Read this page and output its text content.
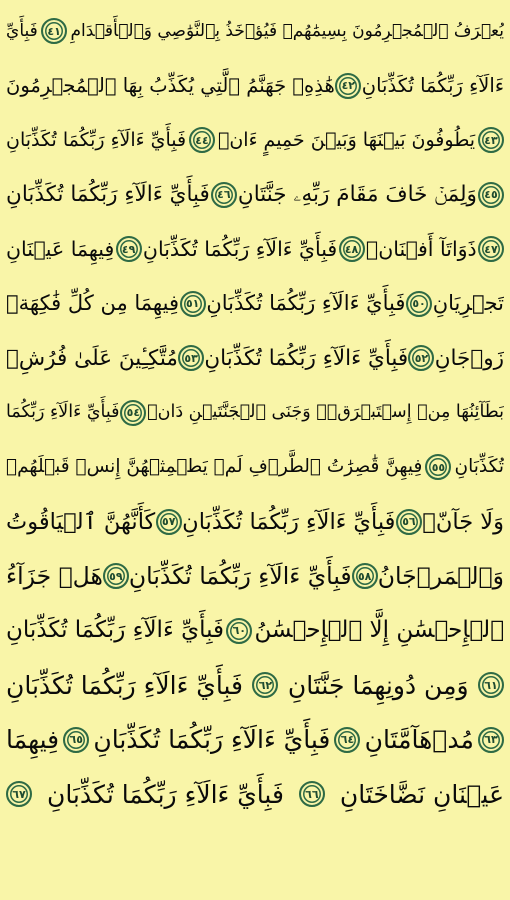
يُعۡرَفُ ٱلۡمُجۡرِمُونَ بِسِيمَٰهُمۡ فَيُؤۡخَذُ بِٱلنَّوَٰصِي وَٱلۡأَقۡدَامِ
٤١
فَبِأَيِّ
ءَالَآءِ رَبِّكُمَا تُكَذِّبَانِ
٤٢
هَٰذِهِۦ جَهَنَّمُ ٱلَّتِي يُكَذِّبُ بِهَا ٱلۡمُجۡرِمُونَ
٤٣
يَطُوفُونَ بَيۡنَهَا وَبَيۡنَ حَمِيمٍ ءَانٖ
٤٤
فَبِأَيِّ ءَالَآءِ رَبِّكُمَا تُكَذِّبَانِ
٤٥
وَلِمَنۡ خَافَ مَقَامَ رَبِّهِۦ جَنَّتَانِ
٤٦
فَبِأَيِّ ءَالَآءِ رَبِّكُمَا تُكَذِّبَانِ
٤٧
ذَوَاتَآ أَفۡنَانٖ
٤٨
فَبِأَيِّ ءَالَآءِ رَبِّكُمَا تُكَذِّبَانِ
٤٩
فِيهِمَا عَيۡنَانِ
تَجۡرِيَانِ
٥٠
فَبِأَيِّ ءَالَآءِ رَبِّكُمَا تُكَذِّبَانِ
٥١
فِيهِمَا مِن كُلِّ فَٰكِهَةٖ
زَوۡجَانِ
٥٢
فَبِأَيِّ ءَالَآءِ رَبِّكُمَا تُكَذِّبَانِ
٥٣
مُتَّكِـِٔينَ عَلَىٰ فُرُشِۭ
بَطَآئِنُهَا مِنۡ إِسۡتَبۡرَقٖۚ وَجَنَى ٱلۡجَنَّتَيۡنِ دَانٖ
٥٤
فَبِأَيِّ ءَالَآءِ رَبِّكُمَا
تُكَذِّبَانِ
٥٥
فِيهِنَّ قَٰصِرَٰتُ ٱلطَّرۡفِ لَمۡ يَطۡمِثۡهُنَّ إِنسٞ قَبۡلَهُمۡ
وَلَا جَآنّٞ
٥٦
فَبِأَيِّ ءَالَآءِ رَبِّكُمَا تُكَذِّبَانِ
٥٧
كَأَنَّهُنَّ ٱلۡيَاقُوتُ
وَٱلۡمَرۡجَانُ
٥٨
فَبِأَيِّ ءَالَآءِ رَبِّكُمَا تُكَذِّبَانِ
٥٩
هَلۡ جَزَآءُ
ٱلۡإِحۡسَٰنِ إِلَّا ٱلۡإِحۡسَٰنُ
٦٠
فَبِأَيِّ ءَالَآءِ رَبِّكُمَا تُكَذِّبَانِ
٦١
وَمِن دُونِهِمَا جَنَّتَانِ
٦٢
فَبِأَيِّ ءَالَآءِ رَبِّكُمَا تُكَذِّبَانِ
٦٣
مُدۡهَآمَّتَانِ
٦٤
فَبِأَيِّ ءَالَآءِ رَبِّكُمَا تُكَذِّبَانِ
٦٥
فِيهِمَا
عَيۡنَانِ نَضَّاخَتَانِ
٦٦
فَبِأَيِّ ءَالَآءِ رَبِّكُمَا تُكَذِّبَانِ
٦٧
